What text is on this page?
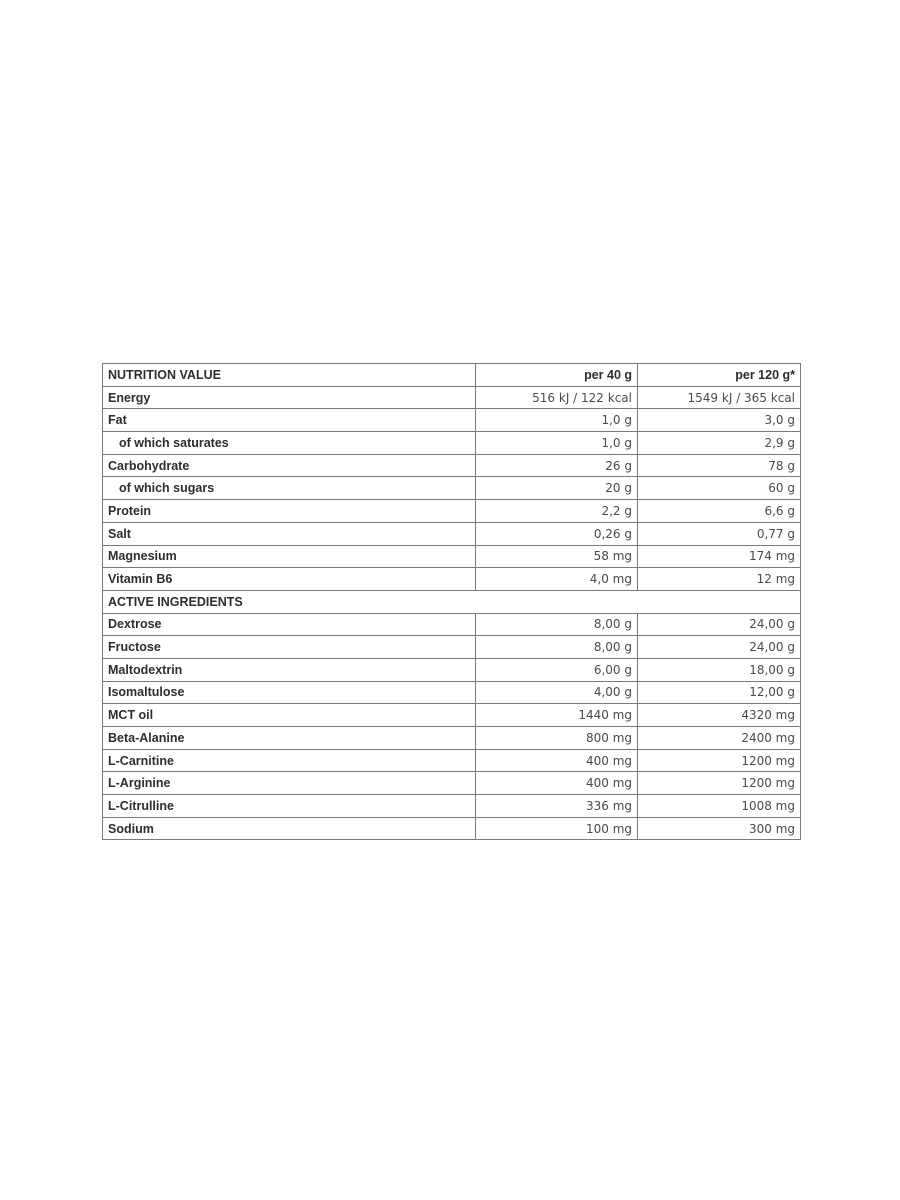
NUTRITION VALUE	per 40 g	per 120 g*
Energy	516 kJ / 122 kcal	1549 kJ / 365 kcal
Fat	1,0 g	3,0 g
of which saturates	1,0 g	2,9 g
Carbohydrate	26 g	78 g
of which sugars	20 g	60 g
Protein	2,2 g	6,6 g
Salt	0,26 g	0,77 g
Magnesium	58 mg	174 mg
Vitamin B6	4,0 mg	12 mg
ACTIVE INGREDIENTS		
Dextrose	8,00 g	24,00 g
Fructose	8,00 g	24,00 g
Maltodextrin	6,00 g	18,00 g
Isomaltulose	4,00 g	12,00 g
MCT oil	1440 mg	4320 mg
Beta-Alanine	800 mg	2400 mg
L-Carnitine	400 mg	1200 mg
L-Arginine	400 mg	1200 mg
L-Citrulline	336 mg	1008 mg
Sodium	100 mg	300 mg
